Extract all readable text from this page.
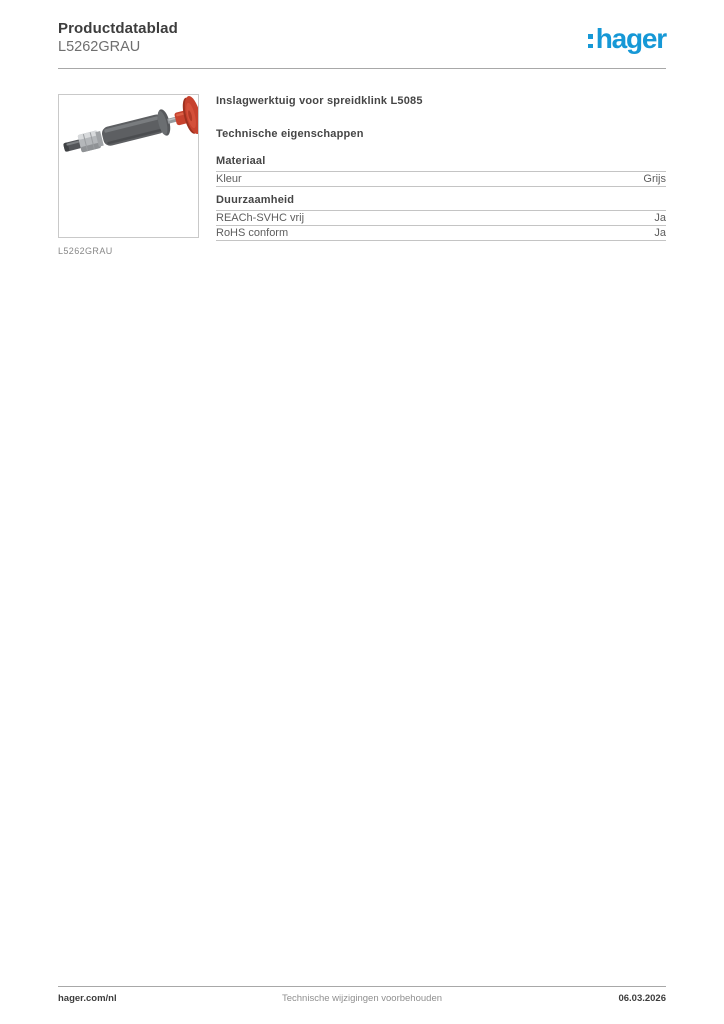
Productdatablad
L5262GRAU	hager
L5262GRAU
Inslagwerktuig voor spreidklink L5085
Technische eigenschappen
Materiaal
Kleur	Grijs
Duurzaamheid
REACh-SVHC vrij	Ja
RoHS conform	Ja
hager.com/nl	Technische wijzigingen voorbehouden	06.03.2026
